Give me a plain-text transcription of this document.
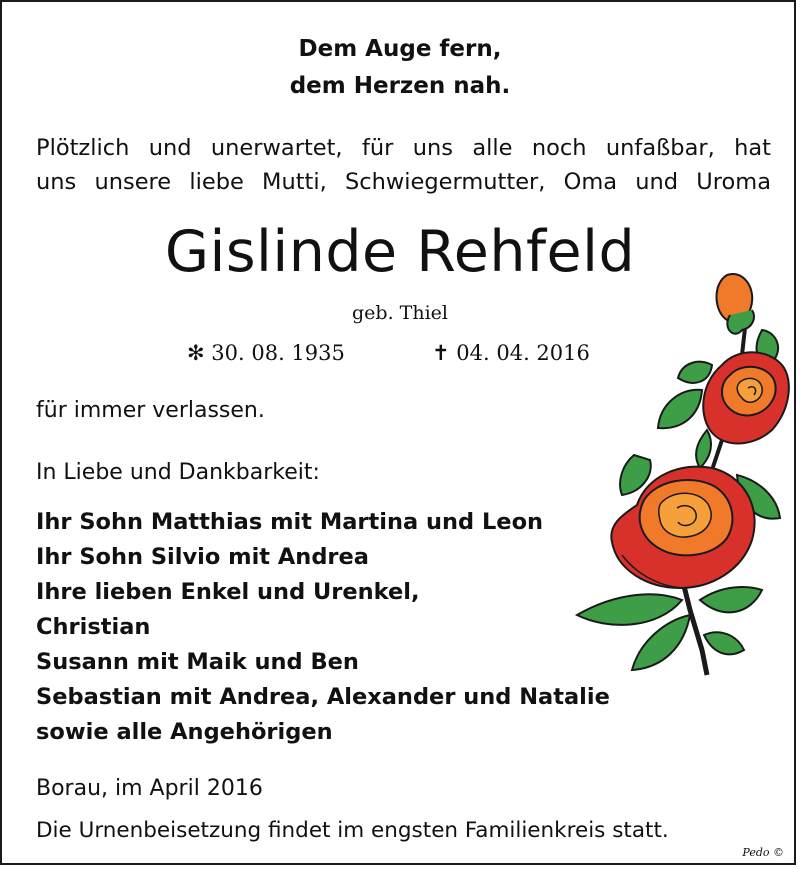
Dem Auge fern,
dem Herzen nah.
Plötzlich und unerwartet, für uns alle noch unfaßbar, hat
uns unsere liebe Mutti, Schwiegermutter, Oma und Uroma
Gislinde Rehfeld
geb. Thiel
✻ 30. 08. 1935	✝ 04. 04. 2016
für immer verlassen.
In Liebe und Dankbarkeit:
Ihr Sohn Matthias mit Martina und Leon
Ihr Sohn Silvio mit Andrea
Ihre lieben Enkel und Urenkel,
Christian
Susann mit Maik und Ben
Sebastian mit Andrea, Alexander und Natalie
sowie alle Angehörigen
Borau, im April 2016
Die Urnenbeisetzung findet im engsten Familienkreis statt.
Pedo ©
